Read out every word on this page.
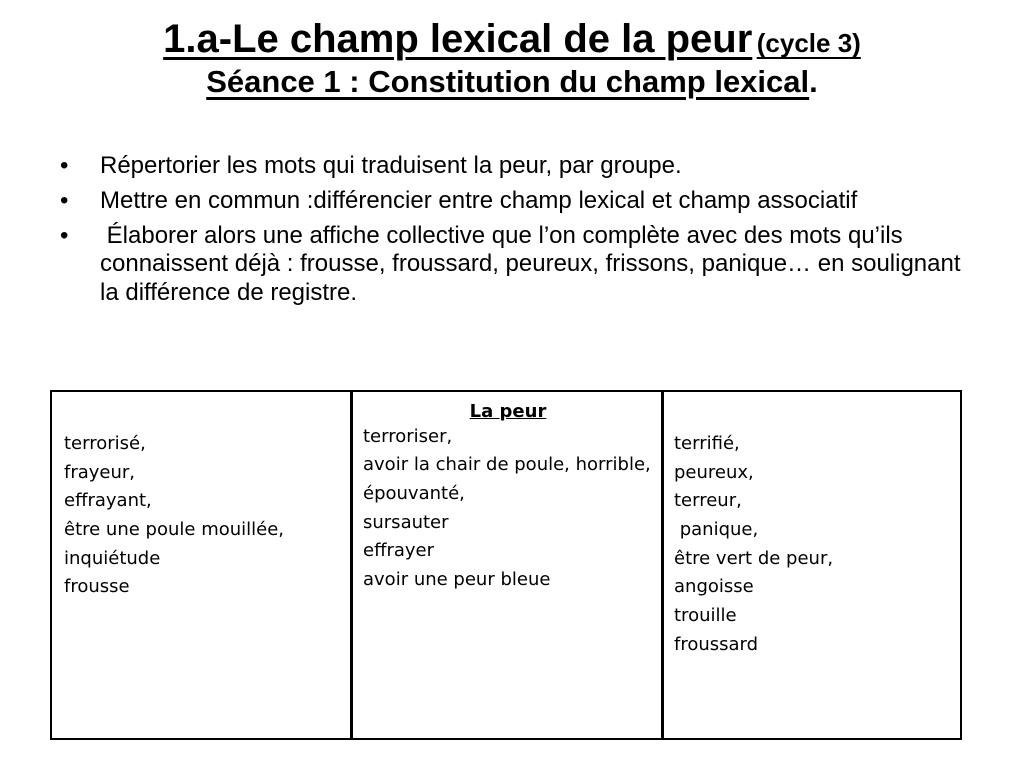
1.a-Le champ lexical de la peur (cycle 3)
Séance 1 : Constitution du champ lexical.
• Répertorier les mots qui traduisent la peur, par groupe.
• Mettre en commun :différencier entre champ lexical et champ associatif
• Élaborer alors une affiche collective que l’on complète avec des mots qu’ils connaissent déjà : frousse, froussard, peureux, frissons, panique… en soulignant la différence de registre.
terrorisé,
frayeur,
effrayant,
être une poule mouillée,
inquiétude
frousse

La peur
terroriser,
avoir la chair de poule, horrible,
épouvanté,
sursauter
effrayer
avoir une peur bleue

terrifié,
peureux,
terreur,
panique,
être vert de peur,
angoisse
trouille
froussard
